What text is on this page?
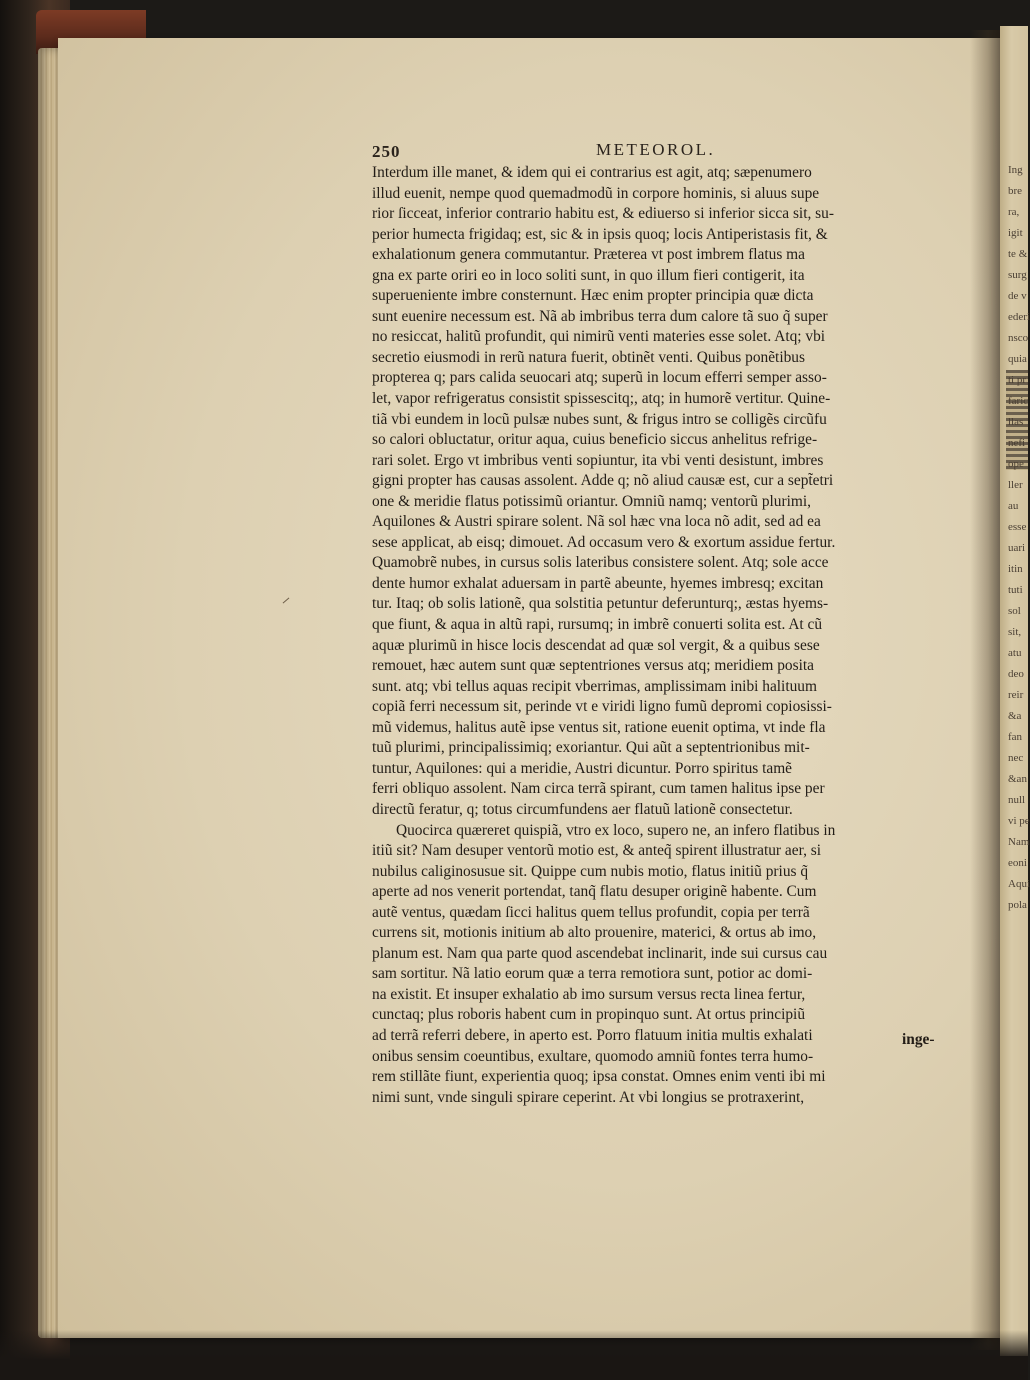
Ing
bre
ra,
igit
te &
surg
de v
ederi
nsco
quia
ti pr
faric
llas
nefi
ope
ller
au
esse
uari
itin
tuti
sol
sit,
atu
deo
reir
&a
fan
nec
&an
null
vi pe
Nam
eoni
Aqui
pola
250	METEOROL.
Interdum ille manet, & idem qui ei contrarius est agit, atq; sæpenumero
illud euenit, nempe quod quemadmodũ in corpore hominis, si aluus supe
rior ſicceat, inferior contrario habitu est, & ediuerso si inferior sicca sit, su-
perior humecta frigidaq; est, sic & in ipsis quoq; locis Antiperistasis fit, &
exhalationum genera commutantur. Præterea vt post imbrem flatus ma
gna ex parte oriri eo in loco soliti sunt, in quo illum fieri contigerit, ita
superueniente imbre consternunt. Hæc enim propter principia quæ dicta
sunt euenire necessum est. Nã ab imbribus terra dum calore tã suo q̃ super
no resiccat, halitũ profundit, qui nimirũ venti materies esse solet. Atq; vbi
secretio eiusmodi in rerũ natura fuerit, obtinẽt venti. Quibus ponẽtibus
propterea q; pars calida seuocari atq; superũ in locum efferri semper asso-
let, vapor refrigeratus consistit spissescitq;, atq; in humorẽ vertitur. Quine-
tiã vbi eundem in locũ pulsæ nubes sunt, & frigus intro se colligẽs circũfu
so calori obluctatur, oritur aqua, cuius beneficio siccus anhelitus refrige-
rari solet. Ergo vt imbribus venti sopiuntur, ita vbi venti desistunt, imbres
gigni propter has causas assolent. Adde q; nõ aliud causæ est, cur a sept̃etri
one & meridie flatus potissimũ oriantur. Omniũ namq; ventorũ plurimi,
Aquilones & Austri spirare solent. Nã sol hæc vna loca nõ adit, sed ad ea
sese applicat, ab eisq; dimouet. Ad occasum vero & exortum assidue fertur.
Quamobrẽ nubes, in cursus solis lateribus consistere solent. Atq; sole acce
dente humor exhalat aduersam in partẽ abeunte, hyemes imbresq; excitan
tur. Itaq; ob solis lationẽ, qua solstitia petuntur deferunturq;, æstas hyems-
que fiunt, & aqua in altũ rapi, rursumq; in imbrẽ conuerti solita est. At cũ
aquæ plurimũ in hisce locis descendat ad quæ sol vergit, & a quibus sese
remouet, hæc autem sunt quæ septentriones versus atq; meridiem posita
sunt. atq; vbi tellus aquas recipit vberrimas, amplissimam inibi halituum
copiã ferri necessum sit, perinde vt e viridi ligno fumũ depromi copiosissi-
mũ videmus, halitus autẽ ipse ventus sit, ratione euenit optima, vt inde fla
tuũ plurimi, principalissimiq; exoriantur. Qui aũt a septentrionibus mit-
tuntur, Aquilones: qui a meridie, Austri dicuntur. Porro spiritus tamẽ
ferri obliquo assolent. Nam circa terrã spirant, cum tamen halitus ipse per
directũ feratur, q; totus circumfundens aer flatuũ lationẽ consectetur.
Quocirca quæreret quispiã, vtro ex loco, supero ne, an infero flatibus in
itiũ sit? Nam desuper ventorũ motio est, & anteq̃ spirent illustratur aer, si
nubilus caliginosusue sit. Quippe cum nubis motio, flatus initiũ prius q̃
aperte ad nos venerit portendat, tanq̃ flatu desuper originẽ habente. Cum
autẽ ventus, quædam ſicci halitus quem tellus profundit, copia per terrã
currens sit, motionis initium ab alto prouenire, materici, & ortus ab imo,
planum est. Nam qua parte quod ascendebat inclinarit, inde sui cursus cau
sam sortitur. Nã latio eorum quæ a terra remotiora sunt, potior ac domi-
na existit. Et insuper exhalatio ab imo sursum versus recta linea fertur,
cunctaq; plus roboris habent cum in propinquo sunt. At ortus principiũ
ad terrã referri debere, in aperto est. Porro flatuum initia multis exhalati
onibus sensim coeuntibus, exultare, quomodo amniũ fontes terra humo-
rem stillãte fiunt, experientia quoq; ipsa constat. Omnes enim venti ibi mi
nimi sunt, vnde singuli spirare ceperint. At vbi longius se protraxerint,
inge-
